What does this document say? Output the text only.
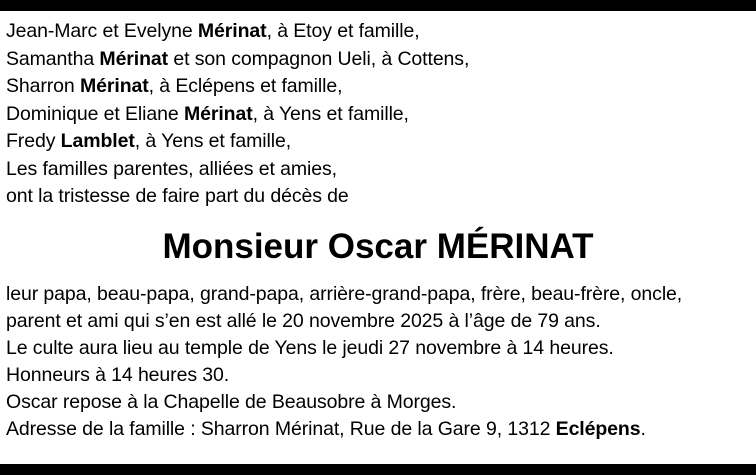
Jean-Marc et Evelyne Mérinat, à Etoy et famille,
Samantha Mérinat et son compagnon Ueli, à Cottens,
Sharron Mérinat, à Eclépens et famille,
Dominique et Eliane Mérinat, à Yens et famille,
Fredy Lamblet, à Yens et famille,
Les familles parentes, alliées et amies,
ont la tristesse de faire part du décès de
Monsieur Oscar MÉRINAT
leur papa, beau-papa, grand-papa, arrière-grand-papa, frère, beau-frère, oncle,
parent et ami qui s’en est allé le 20 novembre 2025 à l’âge de 79 ans.
Le culte aura lieu au temple de Yens le jeudi 27 novembre à 14 heures.
Honneurs à 14 heures 30.
Oscar repose à la Chapelle de Beausobre à Morges.
Adresse de la famille : Sharron Mérinat, Rue de la Gare 9, 1312 Eclépens.
